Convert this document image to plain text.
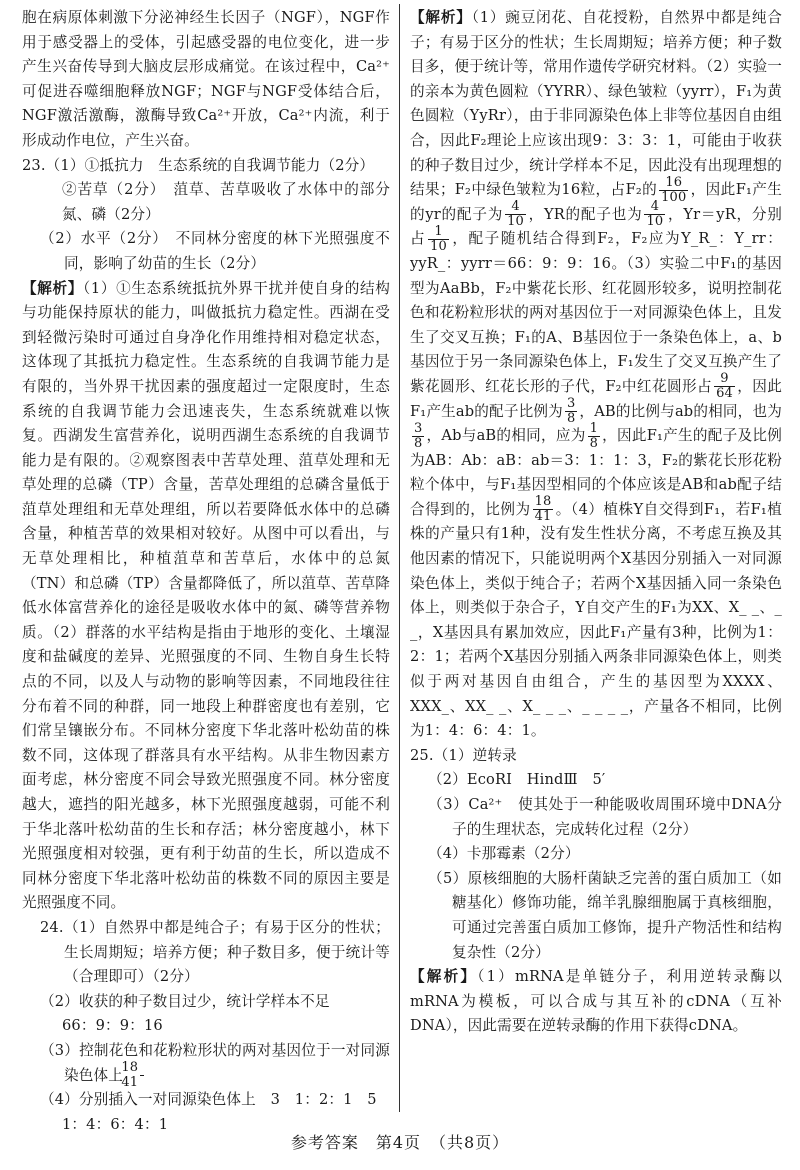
胞在病原体刺激下分泌神经生长因子（NGF），NGF作用于感受器上的受体，引起感受器的电位变化，进一步产生兴奋传导到大脑皮层形成痛觉。在该过程中，Ca²⁺可促进吞噬细胞释放NGF；NGF与NGF受体结合后，NGF激活激酶，激酶导致Ca²⁺开放，Ca²⁺内流，利于形成动作电位，产生兴奋。

23.（1）①抵抗力　生态系统的自我调节能力（2分）

②苦草（2分）　菹草、苦草吸收了水体中的部分氮、磷（2分）

（2）水平（2分）　不同林分密度的林下光照强度不同，影响了幼苗的生长（2分）

【解析】（1）①生态系统抵抗外界干扰并使自身的结构与功能保持原状的能力，叫做抵抗力稳定性。西湖在受到轻微污染时可通过自身净化作用维持相对稳定状态，这体现了其抵抗力稳定性。生态系统的自我调节能力是有限的，当外界干扰因素的强度超过一定限度时，生态系统的自我调节能力会迅速丧失，生态系统就难以恢复。西湖发生富营养化，说明西湖生态系统的自我调节能力是有限的。②观察图表中苦草处理、菹草处理和无草处理的总磷（TP）含量，苦草处理组的总磷含量低于菹草处理组和无草处理组，所以若要降低水体中的总磷含量，种植苦草的效果相对较好。从图中可以看出，与无草处理相比，种植菹草和苦草后，水体中的总氮（TN）和总磷（TP）含量都降低了，所以菹草、苦草降低水体富营养化的途径是吸收水体中的氮、磷等营养物质。（2）群落的水平结构是指由于地形的变化、土壤湿度和盐碱度的差异、光照强度的不同、生物自身生长特点的不同，以及人与动物的影响等因素，不同地段往往分布着不同的种群，同一地段上种群密度也有差别，它们常呈镶嵌分布。不同林分密度下华北落叶松幼苗的株数不同，这体现了群落具有水平结构。从非生物因素方面考虑，林分密度不同会导致光照强度不同。林分密度越大，遮挡的阳光越多，林下光照强度越弱，可能不利于华北落叶松幼苗的生长和存活；林分密度越小，林下光照强度相对较强，更有利于幼苗的生长，所以造成不同林分密度下华北落叶松幼苗的株数不同的原因主要是光照强度不同。

24.（1）自然界中都是纯合子；有易于区分的性状；生长周期短；培养方便；种子数目多，便于统计等（合理即可）（2分）

（2）收获的种子数目过少，统计学样本不足

66：9：9：16

（3）控制花色和花粉粒形状的两对基因位于一对同源染色体上　 $\frac{18}{41}$

（4）分别插入一对同源染色体上　3　1：2：1　5

1：4：6：4：1

【解析】（1）豌豆闭花、自花授粉，自然界中都是纯合子；有易于区分的性状；生长周期短；培养方便；种子数目多，便于统计等，常用作遗传学研究材料。（2）实验一的亲本为黄色圆粒（YYRR）、绿色皱粒（yyrr），F₁为黄色圆粒（YyRr），由于非同源染色体上非等位基因自由组合，因此F₂理论上应该出现9：3：3：1，可能由于收获的种子数目过少，统计学样本不足，因此没有出现理想的结果；F₂中绿色皱粒为16粒，占F₂的 $\frac{16}{100}$ ，因此F₁产生的yr的配子为 $\frac{4}{10}$ ，YR的配子也为 $\frac{4}{10}$ ，Yr＝yR，分别占 $\frac{1}{10}$ ，配子随机结合得到F₂，F₂应为Y_R_：Y_rr：yyR_：yyrr＝66：9：9：16。（3）实验二中F₁的基因型为AaBb，F₂中紫花长形、红花圆形较多，说明控制花色和花粉粒形状的两对基因位于一对同源染色体上，且发生了交叉互换；F₁的A、B基因位于一条染色体上，a、b基因位于另一条同源染色体上，F₁发生了交叉互换产生了紫花圆形、红花长形的子代，F₂中红花圆形占 $\frac{9}{64}$ ，因此F₁产生ab的配子比例为 $\frac{3}{8}$ ，AB的比例与ab的相同，也为
$\frac{3}{8}$ ，Ab与aB的相同，应为 $\frac{1}{8}$ ，因此F₁产生的配子及比例为AB：Ab：aB：ab＝3：1：1：3，F₂的紫花长形花粉粒个体中，与F₁基因型相同的个体应该是AB和ab配子结合得到的，比例为 $\frac{18}{41}$ 。（4）植株Y自交得到F₁，若F₁植株的产量只有1种，没有发生性状分离，不考虑互换及其他因素的情况下，只能说明两个X基因分别插入一对同源染色体上，类似于纯合子；若两个X基因插入同一条染色体上，则类似于杂合子，Y自交产生的F₁为XX、X_ _、_ _，X基因具有累加效应，因此F₁产量有3种，比例为1：2：1；若两个X基因分别插入两条非同源染色体上，则类似于两对基因自由组合，产生的基因型为XXXX、XXX_、XX_ _、X_ _ _、_ _ _ _，产量各不相同，比例为1：4：6：4：1。

25.（1）逆转录

（2）EcoRⅠ　HindⅢ　5′

（3）Ca²⁺　使其处于一种能吸收周围环境中DNA分子的生理状态，完成转化过程（2分）

（4）卡那霉素（2分）

（5）原核细胞的大肠杆菌缺乏完善的蛋白质加工（如糖基化）修饰功能，绵羊乳腺细胞属于真核细胞，可通过完善蛋白质加工修饰，提升产物活性和结构复杂性（2分）

【解析】（1）mRNA是单链分子，利用逆转录酶以mRNA为模板，可以合成与其互补的cDNA（互补DNA），因此需要在逆转录酶的作用下获得cDNA。

参考答案　第4页　（共8页）
